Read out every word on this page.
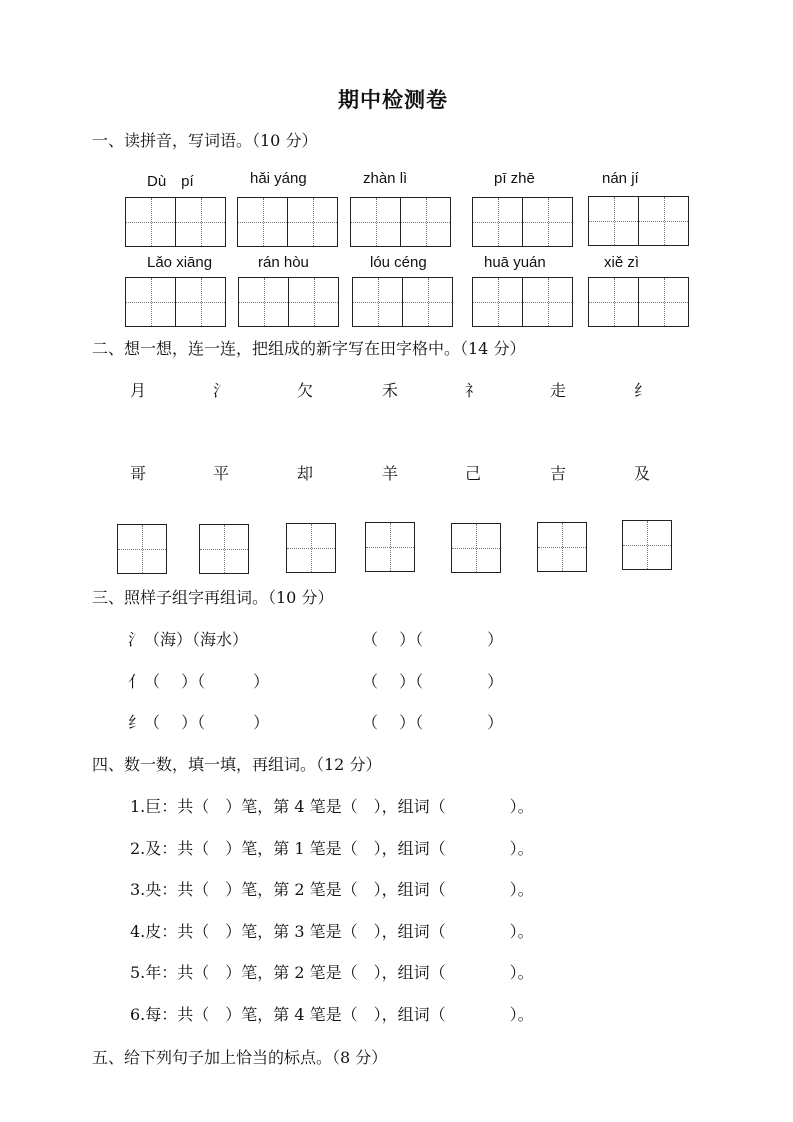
期中检测卷
一、读拼音，写词语。（10 分）
Dù　pí	hǎi yánɡ	zhàn lì	pī zhē	nán jí
Lǎo xiānɡ	rán hòu	lóu cénɡ	huā yuán	xiě zì
二、想一想，连一连，把组成的新字写在田字格中。（14 分）
月	氵	欠	禾	礻	走	纟
哥	平	却	羊	己	吉	及
三、照样子组字再组词。（10 分）
氵（海）（海水）	（　 ）（　　　　）
亻（　 ）（　　　）	（　 ）（　　　　）
纟（　 ）（　　　）	（　 ）（　　　　）
四、数一数，填一填，再组词。（12 分）
1.巨：共（　）笔，第 4 笔是（　），组词（　　　　）。
2.及：共（　）笔，第 1 笔是（　），组词（　　　　）。
3.央：共（　）笔，第 2 笔是（　），组词（　　　　）。
4.皮：共（　）笔，第 3 笔是（　），组词（　　　　）。
5.年：共（　）笔，第 2 笔是（　），组词（　　　　）。
6.每：共（　）笔，第 4 笔是（　），组词（　　　　）。
五、给下列句子加上恰当的标点。（8 分）
